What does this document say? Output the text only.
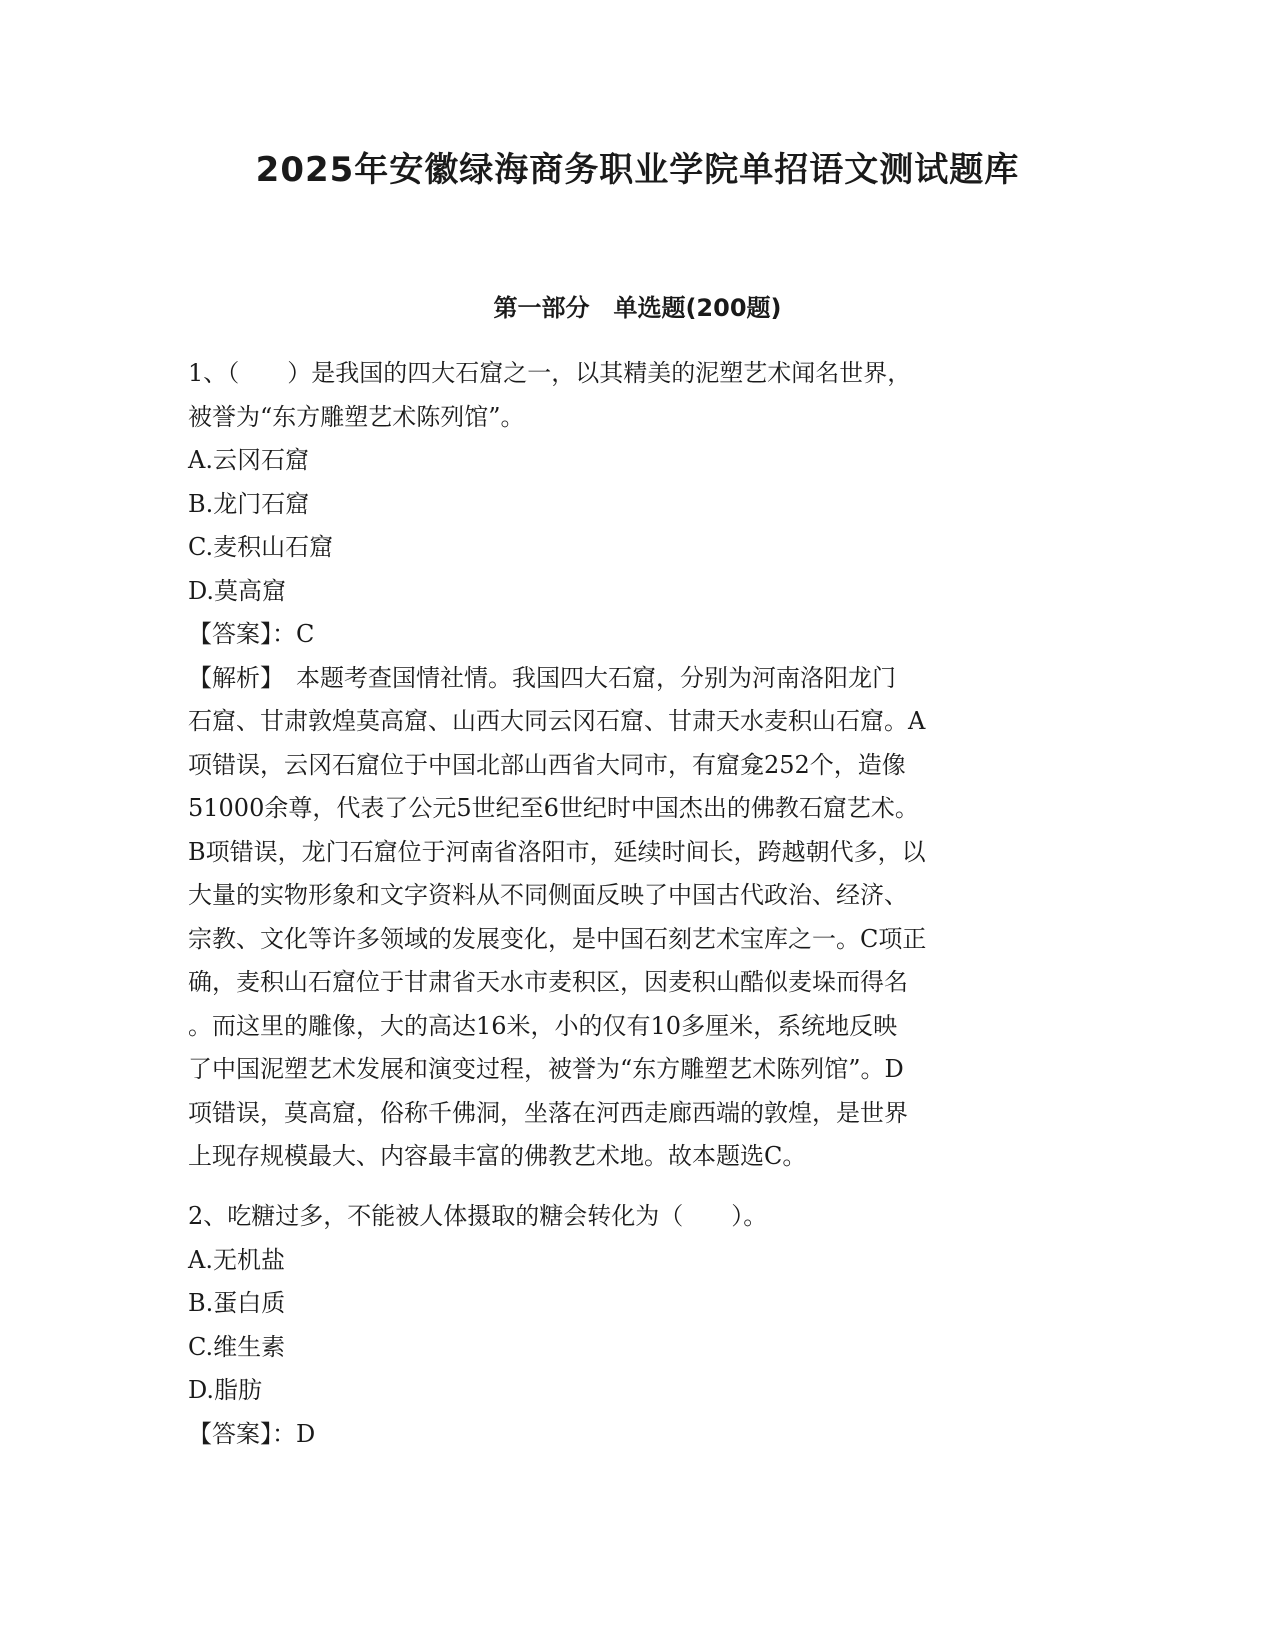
2025年安徽绿海商务职业学院单招语文测试题库
第一部分　单选题(200题)
1、（　　）是我国的四大石窟之一，以其精美的泥塑艺术闻名世界，
被誉为“东方雕塑艺术陈列馆”。
A.云冈石窟
B.龙门石窟
C.麦积山石窟
D.莫高窟
【答案】：C
【解析】　本题考查国情社情。我国四大石窟，分别为河南洛阳龙门
石窟、甘肃敦煌莫高窟、山西大同云冈石窟、甘肃天水麦积山石窟。A
项错误，云冈石窟位于中国北部山西省大同市，有窟龛252个，造像
51000余尊，代表了公元5世纪至6世纪时中国杰出的佛教石窟艺术。
B项错误，龙门石窟位于河南省洛阳市，延续时间长，跨越朝代多，以
大量的实物形象和文字资料从不同侧面反映了中国古代政治、经济、
宗教、文化等许多领域的发展变化，是中国石刻艺术宝库之一。C项正
确，麦积山石窟位于甘肃省天水市麦积区，因麦积山酷似麦垛而得名
。而这里的雕像，大的高达16米，小的仅有10多厘米，系统地反映
了中国泥塑艺术发展和演变过程，被誉为“东方雕塑艺术陈列馆”。D
项错误，莫高窟，俗称千佛洞，坐落在河西走廊西端的敦煌，是世界
上现存规模最大、内容最丰富的佛教艺术地。故本题选C。
2、吃糖过多，不能被人体摄取的糖会转化为（　　）。
A.无机盐
B.蛋白质
C.维生素
D.脂肪
【答案】：D
